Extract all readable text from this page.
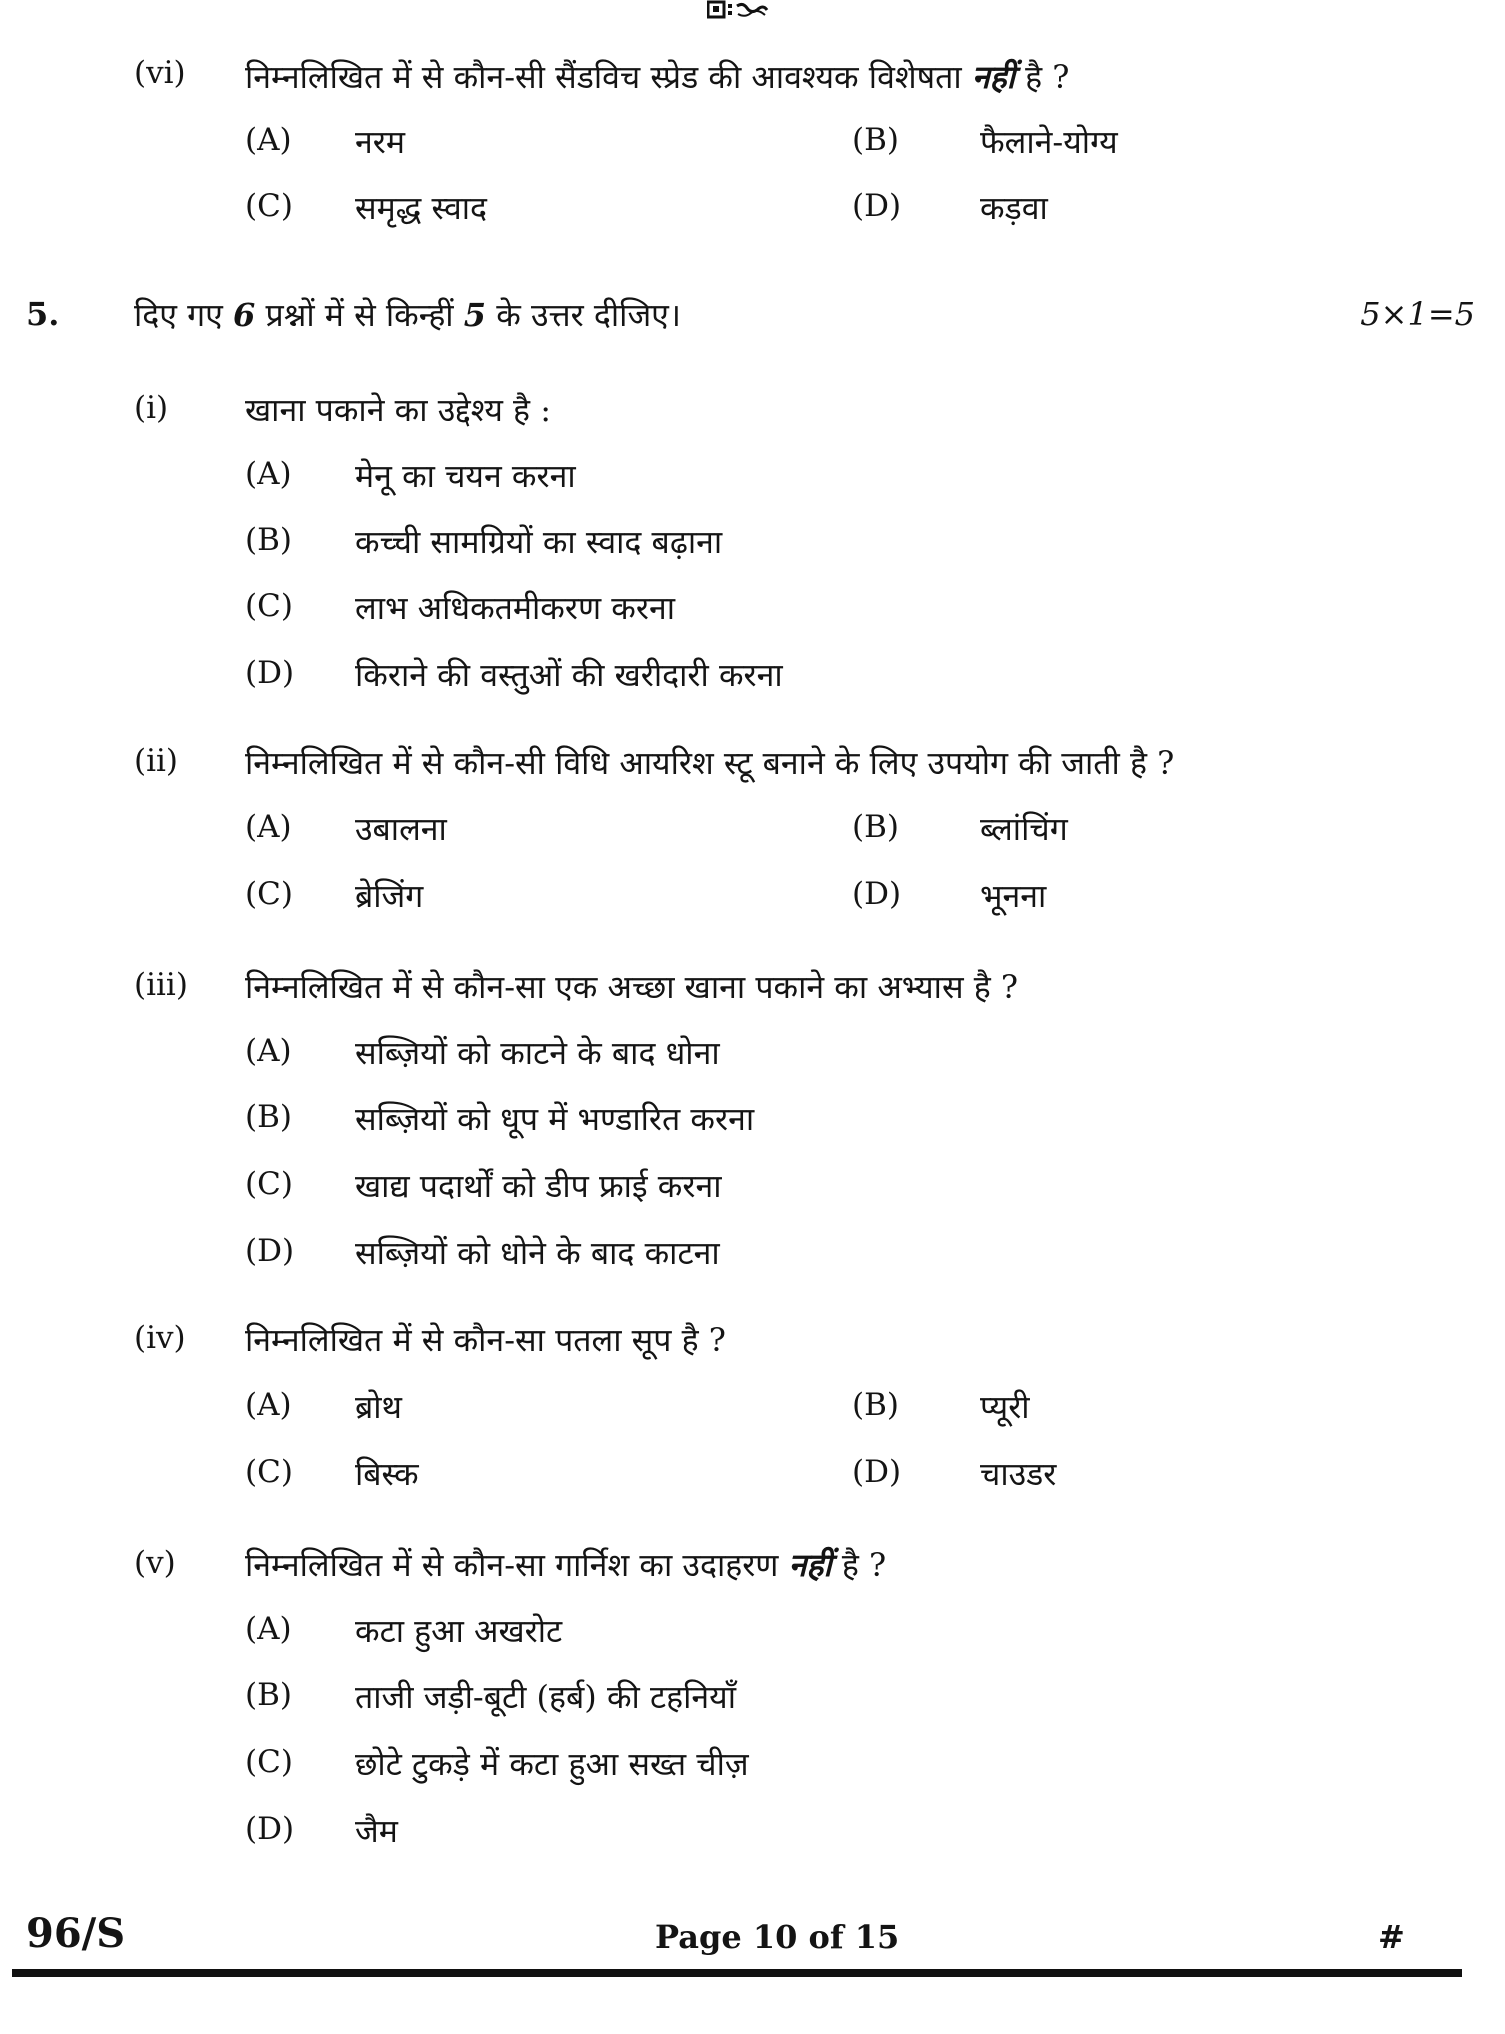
(vi) निम्नलिखित में से कौन-सी सैंडविच स्प्रेड की आवश्यक विशेषता नहीं है ?
(A) नरम	(B)	फैलाने-योग्य
(C) समृद्ध स्वाद	(D) कड़वा
5. दिए गए 6 प्रश्नों में से किन्हीं 5 के उत्तर दीजिए।	5×1=5
(i) खाना पकाने का उद्देश्य है :
(A) मेनू का चयन करना
(B) कच्ची सामग्रियों का स्वाद बढ़ाना
(C) लाभ अधिकतमीकरण करना
(D) किराने की वस्तुओं की खरीदारी करना
(ii) निम्नलिखित में से कौन-सी विधि आयरिश स्टू बनाने के लिए उपयोग की जाती है ?
(A) उबालना	(B)	ब्लांचिंग
(C) ब्रेजिंग	(D) भूनना
(iii) निम्नलिखित में से कौन-सा एक अच्छा खाना पकाने का अभ्यास है ?
(A) सब्ज़ियों को काटने के बाद धोना
(B) सब्ज़ियों को धूप में भण्डारित करना
(C) खाद्य पदार्थों को डीप फ्राई करना
(D) सब्ज़ियों को धोने के बाद काटना
(iv) निम्नलिखित में से कौन-सा पतला सूप है ?
(A) ब्रोथ	(B)	प्यूरी
(C) बिस्क	(D) चाउडर
(v) निम्नलिखित में से कौन-सा गार्निश का उदाहरण नहीं है ?
(A) कटा हुआ अखरोट
(B) ताजी जड़ी-बूटी (हर्ब) की टहनियाँ
(C) छोटे टुकड़े में कटा हुआ सख्त चीज़
(D) जैम
96/S	Page 10 of 15	#
